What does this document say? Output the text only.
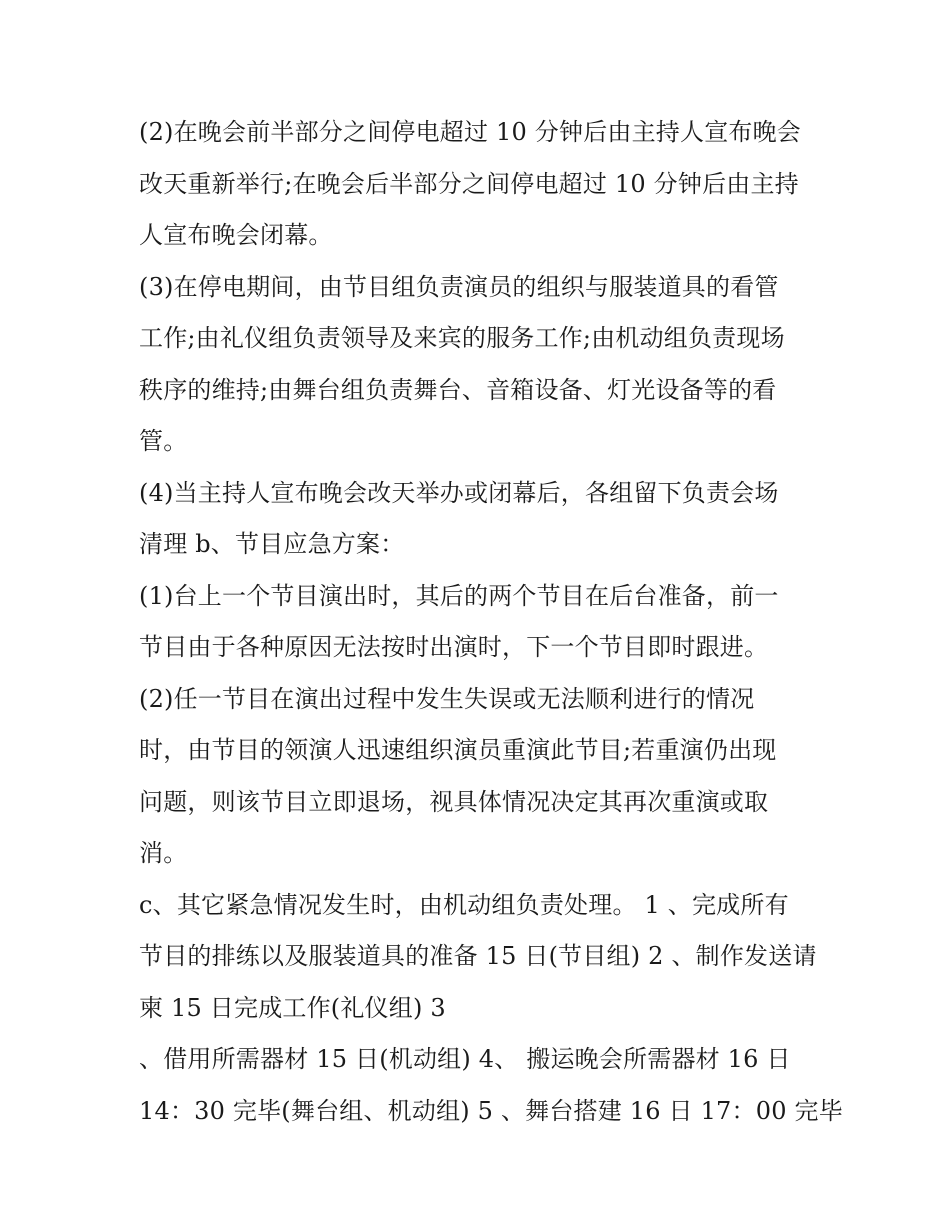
(2)在晚会前半部分之间停电超过 10 分钟后由主持人宣布晚会
改天重新举行;在晚会后半部分之间停电超过 10 分钟后由主持
人宣布晚会闭幕。
(3)在停电期间，由节目组负责演员的组织与服装道具的看管
工作;由礼仪组负责领导及来宾的服务工作;由机动组负责现场
秩序的维持;由舞台组负责舞台、音箱设备、灯光设备等的看
管。
(4)当主持人宣布晚会改天举办或闭幕后，各组留下负责会场
清理 b、节目应急方案：
(1)台上一个节目演出时，其后的两个节目在后台准备，前一
节目由于各种原因无法按时出演时，下一个节目即时跟进。
(2)任一节目在演出过程中发生失误或无法顺利进行的情况
时，由节目的领演人迅速组织演员重演此节目;若重演仍出现
问题，则该节目立即退场，视具体情况决定其再次重演或取
消。
c、其它紧急情况发生时，由机动组负责处理。 1 、完成所有
节目的排练以及服装道具的准备 15 日(节目组) 2 、制作发送请
柬 15 日完成工作(礼仪组) 3
、借用所需器材 15 日(机动组) 4、 搬运晚会所需器材 16 日
14：30 完毕(舞台组、机动组) 5 、舞台搭建 16 日 17：00 完毕
